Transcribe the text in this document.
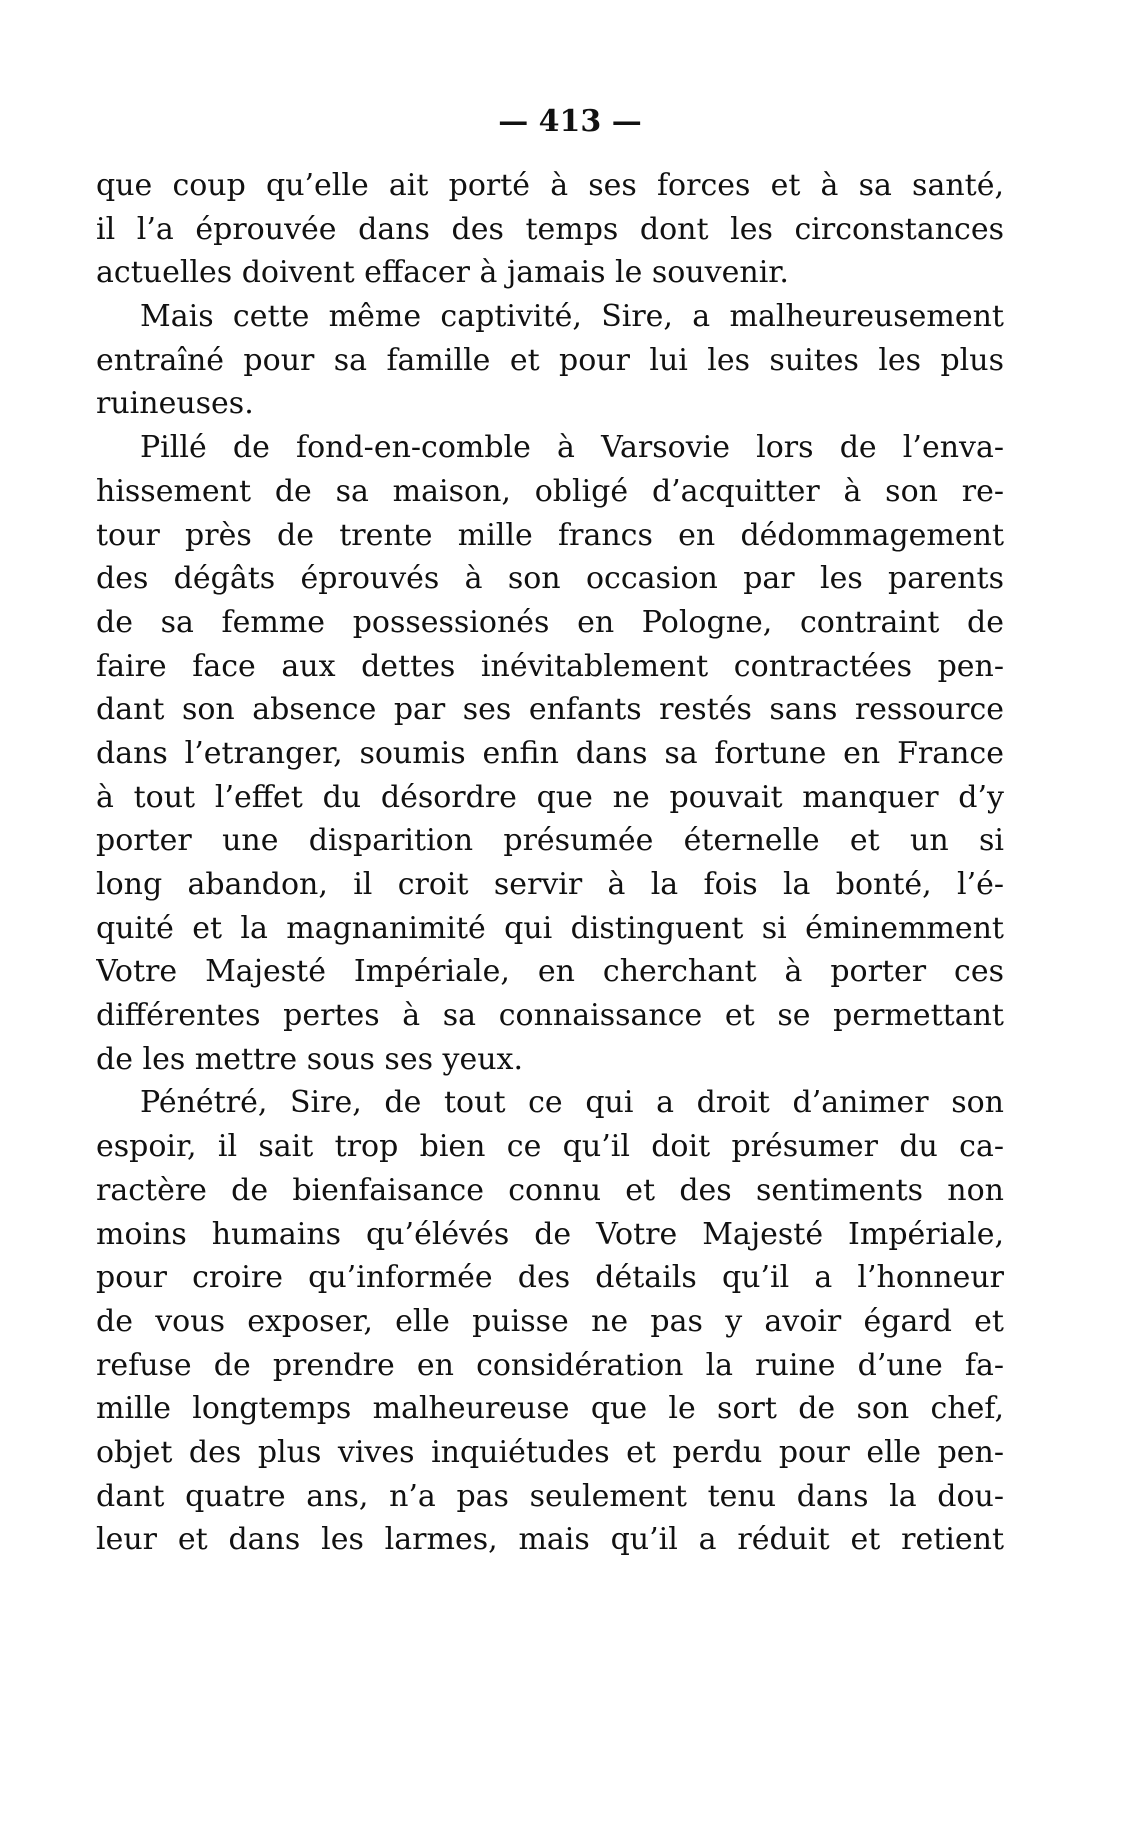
— 413 —
que coup qu’elle ait porté à ses forces et à sa santé,
il l’a éprouvée dans des temps dont les circonstances
actuelles doivent effacer à jamais le souvenir.
Mais cette même captivité, Sire, a malheureusement
entraîné pour sa famille et pour lui les suites les plus
ruineuses.
Pillé de fond-en-comble à Varsovie lors de l’enva-
hissement de sa maison, obligé d’acquitter à son re-
tour près de trente mille francs en dédommagement
des dégâts éprouvés à son occasion par les parents
de sa femme possessionés en Pologne, contraint de
faire face aux dettes inévitablement contractées pen-
dant son absence par ses enfants restés sans ressource
dans l’etranger, soumis enfin dans sa fortune en France
à tout l’effet du désordre que ne pouvait manquer d’y
porter une disparition présumée éternelle et un si
long abandon, il croit servir à la fois la bonté, l’é-
quité et la magnanimité qui distinguent si éminemment
Votre Majesté Impériale, en cherchant à porter ces
différentes pertes à sa connaissance et se permettant
de les mettre sous ses yeux.
Pénétré, Sire, de tout ce qui a droit d’animer son
espoir, il sait trop bien ce qu’il doit présumer du ca-
ractère de bienfaisance connu et des sentiments non
moins humains qu’élévés de Votre Majesté Impériale,
pour croire qu’informée des détails qu’il a l’honneur
de vous exposer, elle puisse ne pas y avoir égard et
refuse de prendre en considération la ruine d’une fa-
mille longtemps malheureuse que le sort de son chef,
objet des plus vives inquiétudes et perdu pour elle pen-
dant quatre ans, n’a pas seulement tenu dans la dou-
leur et dans les larmes, mais qu’il a réduit et retient
